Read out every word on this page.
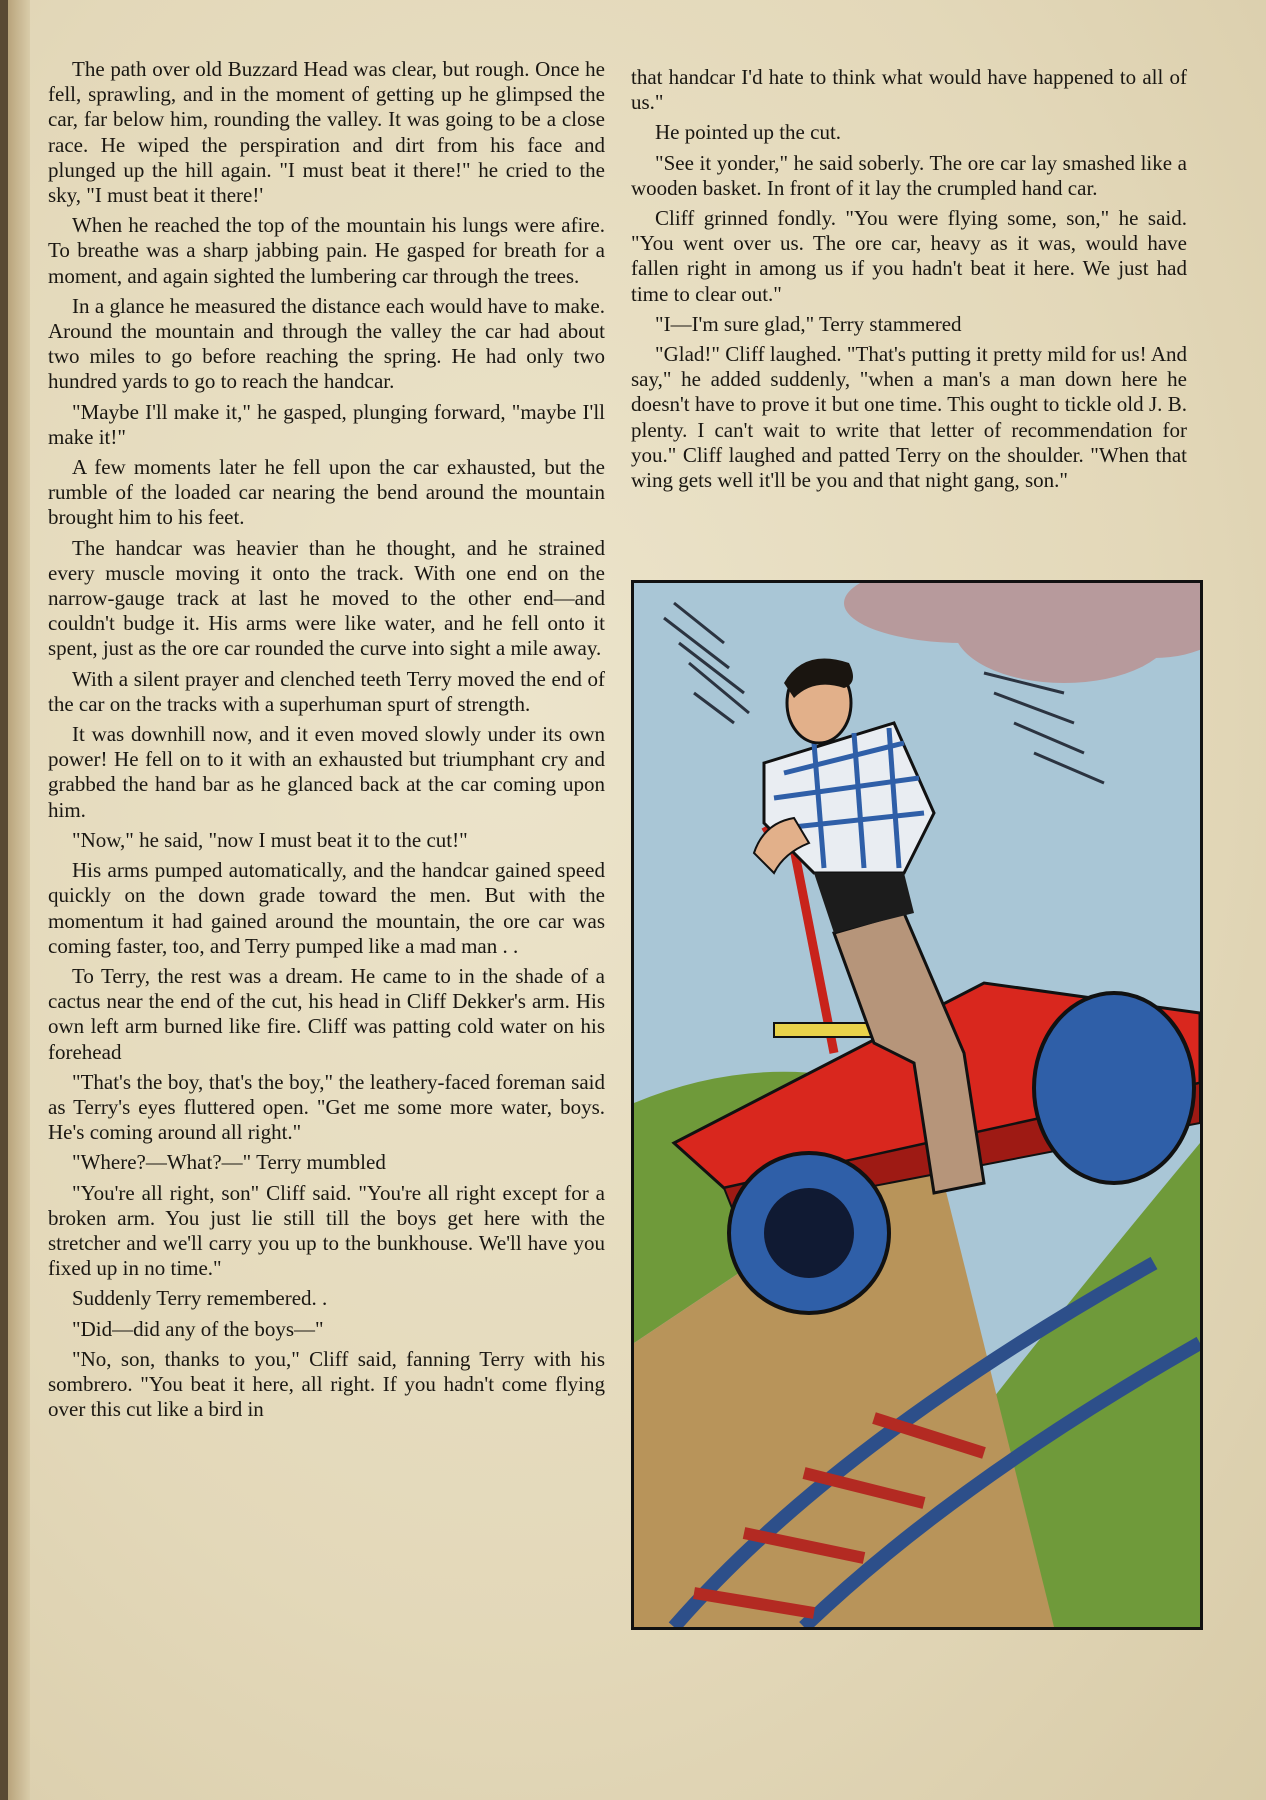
The path over old Buzzard Head was clear, but rough. Once he fell, sprawling, and in the moment of getting up he glimpsed the car, far below him, rounding the valley. It was going to be a close race. He wiped the perspiration and dirt from his face and plunged up the hill again. "I must beat it there!" he cried to the sky, "I must beat it there!'

When he reached the top of the mountain his lungs were afire. To breathe was a sharp jabbing pain. He gasped for breath for a moment, and again sighted the lumbering car through the trees.

In a glance he measured the distance each would have to make. Around the mountain and through the valley the car had about two miles to go before reaching the spring. He had only two hundred yards to go to reach the handcar.

"Maybe I'll make it," he gasped, plunging forward, "maybe I'll make it!"

A few moments later he fell upon the car exhausted, but the rumble of the loaded car nearing the bend around the mountain brought him to his feet.

The handcar was heavier than he thought, and he strained every muscle moving it onto the track. With one end on the narrow-gauge track at last he moved to the other end—and couldn't budge it. His arms were like water, and he fell onto it spent, just as the ore car rounded the curve into sight a mile away.

With a silent prayer and clenched teeth Terry moved the end of the car on the tracks with a superhuman spurt of strength.

It was downhill now, and it even moved slowly under its own power! He fell on to it with an exhausted but triumphant cry and grabbed the hand bar as he glanced back at the car coming upon him.

"Now," he said, "now I must beat it to the cut!"

His arms pumped automatically, and the handcar gained speed quickly on the down grade toward the men. But with the momentum it had gained around the mountain, the ore car was coming faster, too, and Terry pumped like a mad man . .

To Terry, the rest was a dream. He came to in the shade of a cactus near the end of the cut, his head in Cliff Dekker's arm. His own left arm burned like fire. Cliff was patting cold water on his forehead

"That's the boy, that's the boy," the leathery-faced foreman said as Terry's eyes fluttered open. "Get me some more water, boys. He's coming around all right."

"Where?—What?—" Terry mumbled

"You're all right, son" Cliff said. "You're all right except for a broken arm. You just lie still till the boys get here with the stretcher and we'll carry you up to the bunkhouse. We'll have you fixed up in no time."

Suddenly Terry remembered. .

"Did—did any of the boys—"

"No, son, thanks to you," Cliff said, fanning Terry with his sombrero. "You beat it here, all right. If you hadn't come flying over this cut like a bird in

that handcar I'd hate to think what would have happened to all of us."

He pointed up the cut.

"See it yonder," he said soberly. The ore car lay smashed like a wooden basket. In front of it lay the crumpled hand car.

Cliff grinned fondly. "You were flying some, son," he said. "You went over us. The ore car, heavy as it was, would have fallen right in among us if you hadn't beat it here. We just had time to clear out."

"I—I'm sure glad," Terry stammered

"Glad!" Cliff laughed. "That's putting it pretty mild for us! And say," he added suddenly, "when a man's a man down here he doesn't have to prove it but one time. This ought to tickle old J. B. plenty. I can't wait to write that letter of recommendation for you." Cliff laughed and patted Terry on the shoulder. "When that wing gets well it'll be you and that night gang, son."
